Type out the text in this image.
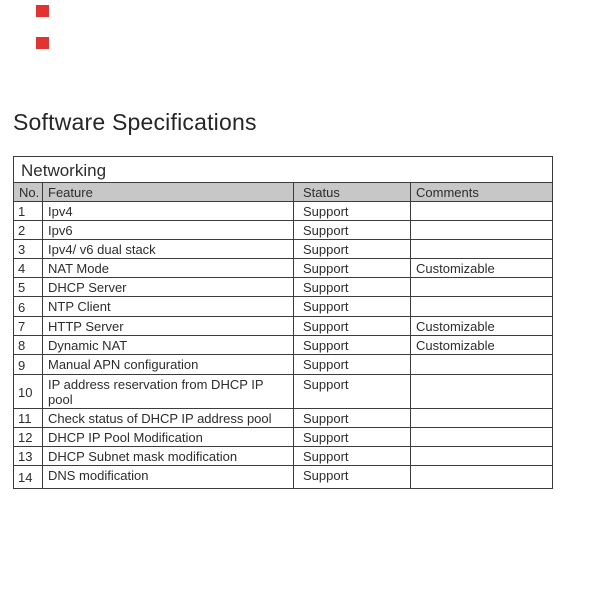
Software Specifications
Networking			
No.	Feature	Status	Comments
1	Ipv4	Support	
2	Ipv6	Support	
3	Ipv4/ v6 dual stack	Support	
4	NAT Mode	Support	Customizable
5	DHCP Server	Support	
6	NTP Client	Support	
7	HTTP Server	Support	Customizable
8	Dynamic NAT	Support	Customizable
9	Manual APN configuration	Support	
10	IP address reservation from DHCP IP pool	Support	
11	Check status of DHCP IP address pool	Support	
12	DHCP IP Pool Modification	Support	
13	DHCP Subnet mask modification	Support	
14	DNS modification	Support	
